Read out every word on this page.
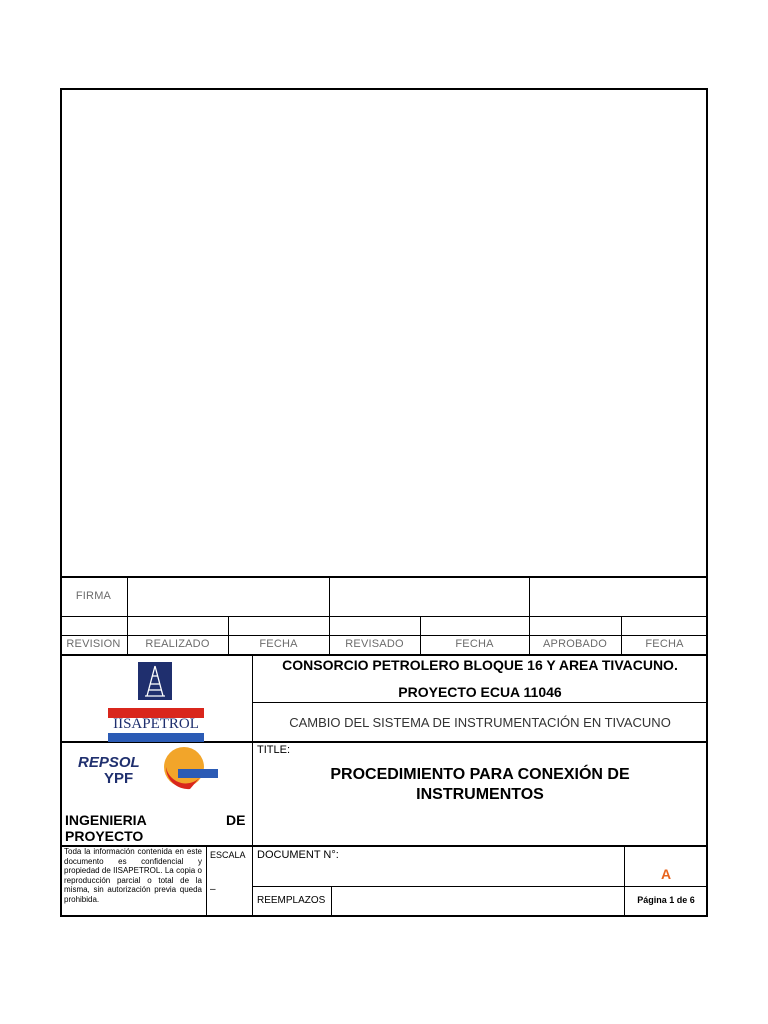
FIRMA
REVISION	REALIZADO	FECHA	REVISADO	FECHA	APROBADO	FECHA
CONSORCIO PETROLERO BLOQUE 16 Y AREA TIVACUNO.
PROYECTO ECUA 11046
CAMBIO DEL SISTEMA DE INSTRUMENTACIÓN EN TIVACUNO
TITLE:
PROCEDIMIENTO PARA CONEXIÓN DE
INSTRUMENTOS
INGENIERIA	DE
PROYECTO
Toda la información contenida en este documento es confidencial y propiedad de IISAPETROL. La copia o reproducción parcial o total de la misma, sin autorización previa queda prohibida.
ESCALA
–
DOCUMENT N°:
A
REEMPLAZOS	Página 1 de 6
IISAPETROL
REPSOL
YPF
